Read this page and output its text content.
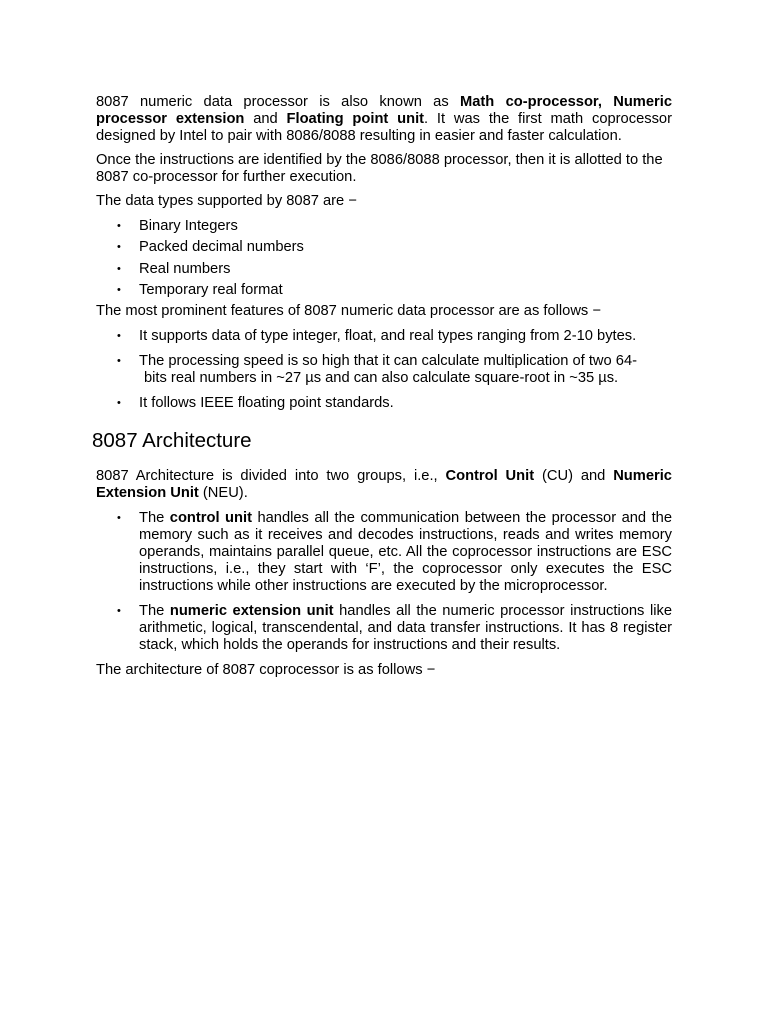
8087 numeric data processor is also known as Math co-processor, Numeric processor extension and Floating point unit. It was the first math coprocessor designed by Intel to pair with 8086/8088 resulting in easier and faster calculation.

Once the instructions are identified by the 8086/8088 processor, then it is allotted to the 8087 co-processor for further execution.

The data types supported by 8087 are −

• Binary Integers
• Packed decimal numbers
• Real numbers
• Temporary real format

The most prominent features of 8087 numeric data processor are as follows −

• It supports data of type integer, float, and real types ranging from 2-10 bytes.
• The processing speed is so high that it can calculate multiplication of two 64-
bits real numbers in ~27 µs and can also calculate square-root in ~35 µs.
• It follows IEEE floating point standards.
8087 Architecture

8087 Architecture is divided into two groups, i.e., Control Unit (CU) and Numeric Extension Unit (NEU).

• The control unit handles all the communication between the processor and the memory such as it receives and decodes instructions, reads and writes memory operands, maintains parallel queue, etc. All the coprocessor instructions are ESC instructions, i.e., they start with ‘F’, the coprocessor only executes the ESC instructions while other instructions are executed by the microprocessor.
• The numeric extension unit handles all the numeric processor instructions like arithmetic, logical, transcendental, and data transfer instructions. It has 8 register stack, which holds the operands for instructions and their results.

The architecture of 8087 coprocessor is as follows −
